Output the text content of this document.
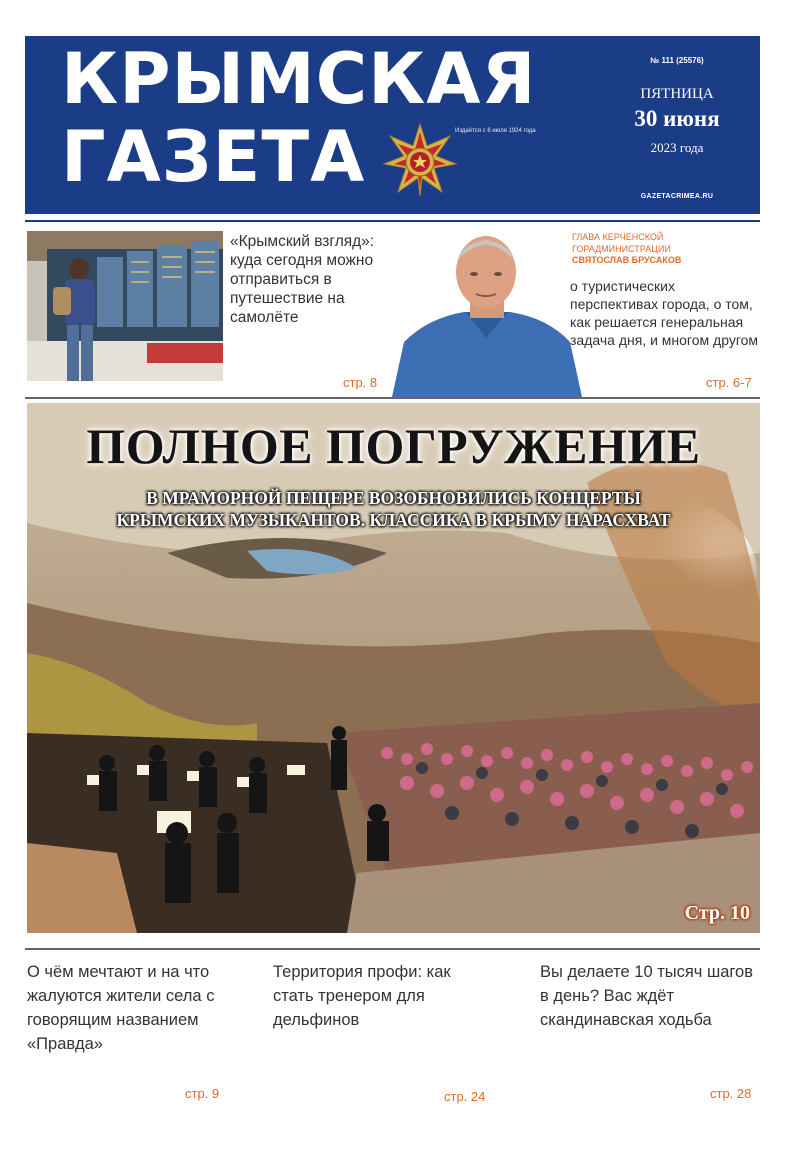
КРЫМСКАЯ
ГАЗЕТА	Издаётся с 6 июля 1924 года
№ 111 (25576)
ПЯТНИЦА
30 июня
2023 года
GAZETACRIMEA.RU
«Крымский взгляд»: куда сегодня можно отправиться в путешествие на самолёте
стр. 8
ГЛАВА КЕРЧЕНСКОЙ ГОРАДМИНИСТРАЦИИ
СВЯТОСЛАВ БРУСАКОВ
о туристических перспективах города, о том, как решается генеральная задача дня, и многом другом
стр. 6-7
ПОЛНОЕ ПОГРУЖЕНИЕ
В МРАМОРНОЙ ПЕЩЕРЕ ВОЗОБНОВИЛИСЬ КОНЦЕРТЫ
КРЫМСКИХ МУЗЫКАНТОВ. КЛАССИКА В КРЫМУ НАРАСХВАТ
Стр. 10
О чём мечтают и на что жалуются жители села с говорящим названием «Правда»
стр. 9
Территория профи: как стать тренером для дельфинов
стр. 24
Вы делаете 10 тысяч шагов в день? Вас ждёт скандинавская ходьба
стр. 28
